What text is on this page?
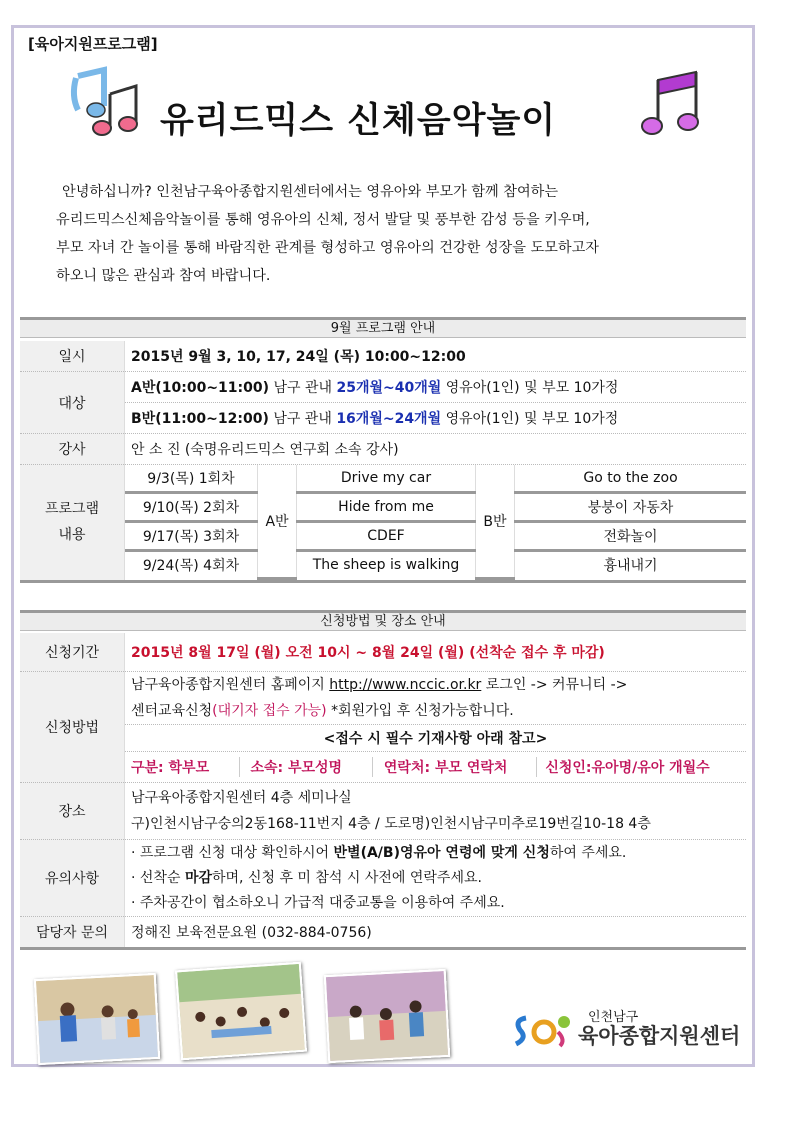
[육아지원프로그램]
유리드믹스 신체음악놀이

안녕하십니까? 인천남구육아종합지원센터에서는 영유아와 부모가 함께 참여하는

유리드믹스신체음악놀이를 통해 영유아의 신체, 정서 발달 및 풍부한 감성 등을 키우며,

부모 자녀 간 놀이를 통해 바람직한 관계를 형성하고 영유아의 건강한 성장을 도모하고자

하오니 많은 관심과 참여 바랍니다.

9월 프로그램 안내
일시	2015년 9월 3, 10, 17, 24일 (목) 10:00~12:00
대상	A반(10:00~11:00) 남구 관내 25개월~40개월 영유아(1인) 및 부모 10가정
B반(11:00~12:00) 남구 관내 16개월~24개월 영유아(1인) 및 부모 10가정
강사	안 소 진 (숙명유리드믹스 연구회 소속 강사)
프로그램
내용	
9/3(목) 1회차	A반	Drive my car	B반	Go to the zoo
9/10(목) 2회차	Hide from me	붕붕이 자동차
9/17(목) 3회차	CDEF	전화놀이
9/24(목) 4회차	The sheep is walking	흉내내기
신청방법 및 장소 안내
신청기간	2015년 8월 17일 (월) 오전 10시 ~ 8월 24일 (월) (선착순 접수 후 마감)
신청방법	남구육아종합지원센터 홈페이지 http://www.nccic.or.kr 로그인 -> 커뮤니티 ->
센터교육신청(대기자 접수 가능) *회원가입 후 신청가능합니다.
	<접수 시 필수 기재사항 아래 참고>
	구분: 학부모 소속: 부모성명 연락처: 부모 연락처 신청인:유아명/유아 개월수
장소	남구육아종합지원센터 4층 세미나실
구)인천시남구숭의2동168-11번지 4층 / 도로명)인천시남구미추로19번길10-18 4층
유의사항	· 프로그램 신청 대상 확인하시어 반별(A/B)영유아 연령에 맞게 신청하여 주세요.
· 선착순 마감하며, 신청 후 미 참석 시 사전에 연락주세요.
· 주차공간이 협소하오니 가급적 대중교통을 이용하여 주세요.
담당자 문의	정해진 보육전문요원 (032-884-0756)
인천남구
육아종합지원센터
